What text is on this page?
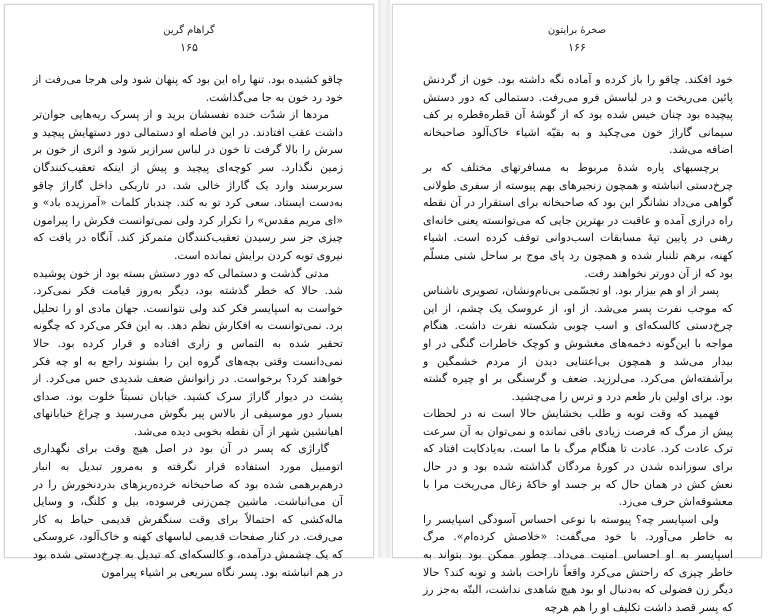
گراهام گرین
۱۶۵

چاقو کشیده بود. تنها راه این بود که پنهان شود ولی هرجا می‌رفت از خود رد خون به جا می‌گذاشت.

مردها از شدّت خنده نفسشان برید و از پسرک ریه‌هایی جوان‌تر داشت عقب افتادند. در این فاصله او دستمالی دور دستهایش پیچید و سرش را بالا گرفت تا خون در لباس سرازیر شود و اثری از خون بر زمین نگذارد. سر کوچه‌ای پیچید و پیش از اینکه تعقیب‌کنندگان سربرسند وارد یک گاراژ خالی شد. در تاریکی داخل گاراژ چاقو به‌دست ایستاد. سعی کرد تو به کند. چندبار کلمات «آمرزیده باد» و «ای مریم مقدس» را تکرار کرد ولی نمی‌توانست فکرش را پیرامون چیزی جز سر رسیدن تعقیب‌کنندگان متمرکز کند. آنگاه در یافت که نیروی توبه کردن برایش نمانده است.

مدتی گذشت و دستمالی که دور دستش بسته بود از خون پوشیده شد. حالا که خطر گذشته بود، دیگر به‌روز قیامت فکر نمی‌کرد. خواست به اسپایسر فکر کند ولی نتوانست. جهان مادی او را تحلیل برد. نمی‌توانست به افکارش نظم دهد. به این فکر می‌کرد که چگونه تحقیر شده به التماس و زاری افتاده و قرار کرده بود. حالا نمی‌دانست وقتی بچه‌های گروه این را بشنوند راجع به او چه فکر خواهند کرد؟ برخواست. در زانوانش ضعف شدیدی حس می‌کرد. از پشت در دیوار گاراژ سرک کشید. خیابان نسبتاً خلوت بود. صدای بسیار دور موسیقی از بالاس پیر بگوش می‌رسید و چراغ خیابانهای اهیانشین شهر از آن نقطه بخوبی دیده می‌شد.

گاراژی که پسر در آن بود در اصل هیچ وقت برای نگهداری اتومبیل مورد استفاده قرار نگرفته و به‌مرور تبدیل به انبار درهم‌برهمی شده بود که صاحبخانه خرده‌ریزهای بدردنخورش را در آن می‌انباشت. ماشین چمن‌زنی فرسوده، بیل و کلنگ، و وسایل ماله‌کشی که احتمالاً برای وقت سنگفرش قدیمی حیاط به کار می‌رفت. در کنار صفحات قدیمی لباسهای کهنه و خاک‌آلود، عروسکی که یک چشمش درآمده، و کالسکه‌ای که تبدیل به چرخ‌دستی شده بود در هم انباشته بود. پسر نگاه سریعی بر اشیاء پیرامون

صخرهٔ برایتون
۱۶۶

خود افکند. چاقو را باز کرده و آماده نگه داشته بود. خون از گردنش پائین می‌ریخت و در لباسش فرو می‌رفت. دستمالی که دور دستش پیچیده بود چنان خیس شده بود که از گوشهٔ آن قطره‌قطره بر کف سیمانی گاراژ خون می‌چکید و به بقیّه اشیاء خاک‌آلود صاحبخانه اضافه می‌شد.

برچسبهای پاره شدهٔ مربوط به مسافرتهای مختلف که بر چرخ‌دستی انباشته و همچون زنجیرهای بهم پیوسته از سفری طولانی گواهی می‌داد نشانگر این بود که صاحبخانه برای استقرار در آن نقطه راه درازی آمده و عاقبت در بهترین جایی که می‌توانسته یعنی خانه‌ای رهنی در پایین تپهٔ مسابقات اسب‌دوانی توقف کرده است. اشیاء کهنه، برهم تلنبار شده و همچون رد پای موج بر ساحل شنی مسلّم بود که از آن دورتر نخواهند رفت.

پسر از او هم بیزار بود. او تجسّمی بی‌نام‌ونشان، تصویری ناشناس که موجب نفرت پسر می‌شد. از او، از عروسک یک چشم، از این چرخ‌دستی کالسکه‌ای و اسب چوبی شکسته نفرت داشت. هنگام مواجه با این‌گونه دخمه‌های مغشوش و کوچک خاطرات گنگی در او بیدار می‌شد و همچون بی‌اعتنایی دیدن از مردم خشمگین و برآشفته‌اش می‌کرد. می‌لرزید. ضعف و گرسنگی بر او چیره گشته بود. برای اولین بار طعم درد و ترس را می‌چشید.

فهمید که وقت توبه و طلب بخشایش حالا است نه در لحظات پیش از مرگ که فرصت زیادی باقی نمانده و نمی‌توان به آن سرعت ترک عادت کرد. عادت تا هنگام مرگ با ما است. به‌یادکایت افتاد که برای سوزانده شدن در کورهٔ مردگان گذاشته شده بود و در حال نعش کش در همان حال که بر جسد او خاکهٔ زغال می‌ریخت مرا با معشوقه‌اش حرف می‌زد.

ولی اسپایسر چه؟ پیوسته با نوعی احساس آسودگی اسپایسر را به خاطر می‌آورد. با خود می‌گفت: «خلاصش کرده‌ام». مرگ اسپایسر به او احساس امنیت می‌داد. چطور ممکن بود بتواند به خاطر چیزی که راحتش می‌کرد واقعاً ناراحت باشد و توبه کند؟ حالا دیگر زن فضولی که به‌دنبال او بود هیچ شاهدی نداشت، البتّه به‌جز رز که پسر قصد داشت تکلیف او را هم هرچه
